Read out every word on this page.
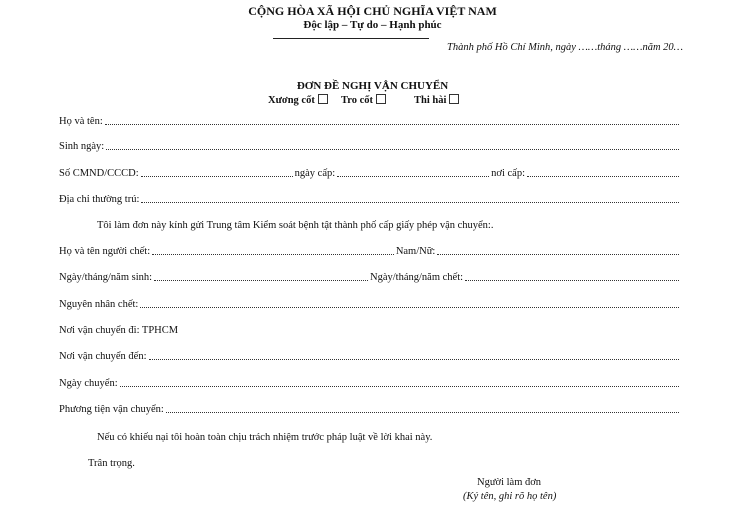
CỘNG HÒA XÃ HỘI CHỦ NGHĨA VIỆT NAM
Độc lập – Tự do – Hạnh phúc
Thành phố Hồ Chí Minh, ngày ……tháng ……năm 20…
ĐƠN ĐỀ NGHỊ VẬN CHUYỂN
Xương cốt	Tro cốt	Thi hài
Họ và tên:
Sinh ngày:
Số CMND/CCCD:	ngày cấp:	nơi cấp:
Địa chỉ thường trú:
Tôi làm đơn này kính gửi Trung tâm Kiểm soát bệnh tật thành phố cấp giấy phép vận chuyển:.
Họ và tên người chết:	Nam/Nữ:
Ngày/tháng/năm sinh:	Ngày/tháng/năm chết:
Nguyên nhân chết:
Nơi vận chuyển đi: TPHCM
Nơi vận chuyển đến:
Ngày chuyển:
Phương tiện vận chuyển:
Nếu có khiếu nại tôi hoàn toàn chịu trách nhiệm trước pháp luật về lời khai này.
Trân trọng.
Người làm đơn
(Ký tên, ghi rõ họ tên)
